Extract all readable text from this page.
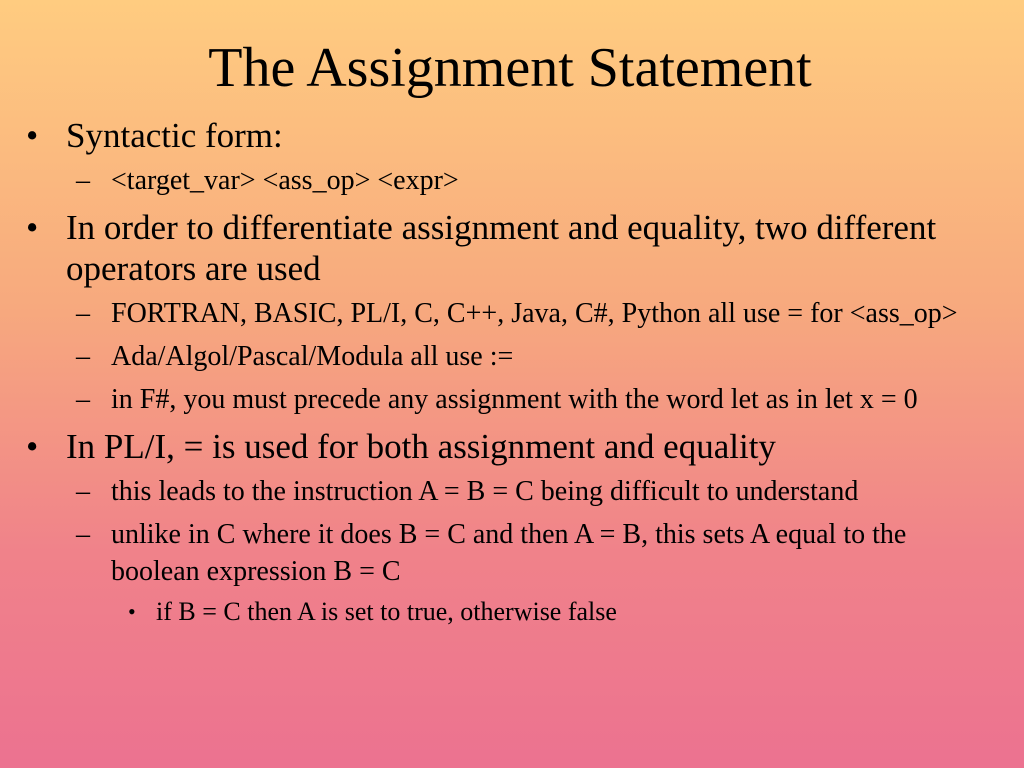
The Assignment Statement
• Syntactic form:
– <target_var> <ass_op> <expr>
• In order to differentiate assignment and equality, two different operators are used
– FORTRAN, BASIC, PL/I, C, C++, Java, C#, Python all use = for <ass_op>
– Ada/Algol/Pascal/Modula all use :=
– in F#, you must precede any assignment with the word let as in let x = 0
• In PL/I, = is used for both assignment and equality
– this leads to the instruction A = B = C being difficult to understand
– unlike in C where it does B = C and then A = B, this sets A equal to the boolean expression B = C
• if B = C then A is set to true, otherwise false
